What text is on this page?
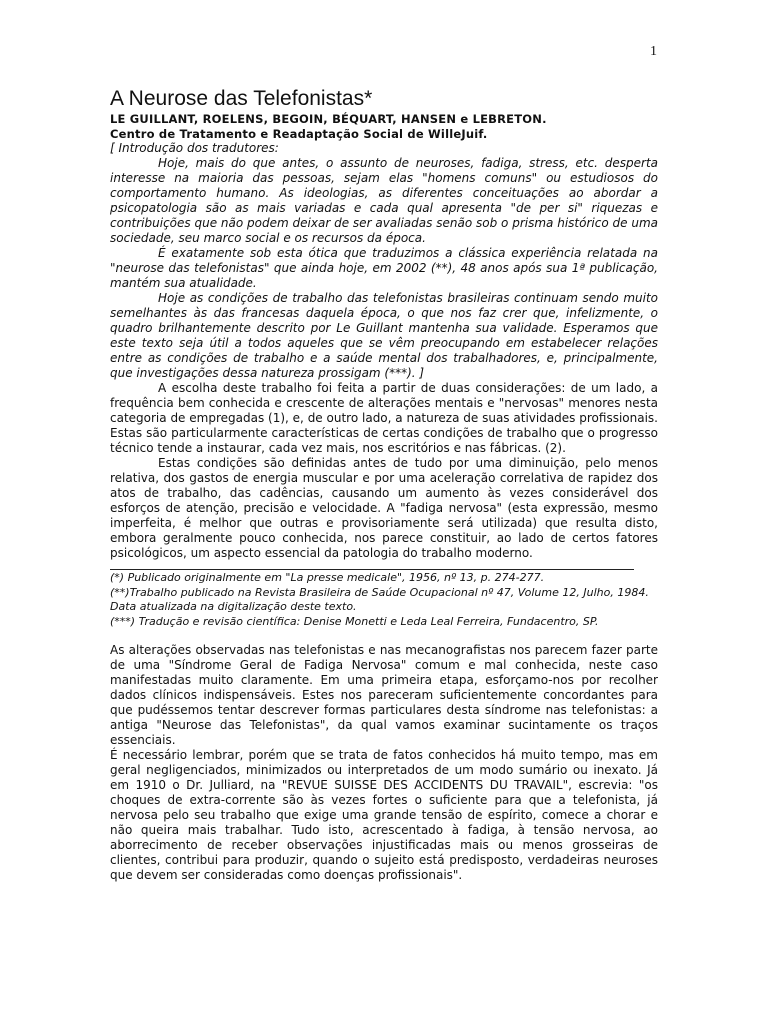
1
A Neurose das Telefonistas*

LE GUILLANT, ROELENS, BEGOIN, BÉQUART, HANSEN e LEBRETON.

Centro de Tratamento e Readaptação Social de WilleJuif.

[ Introdução dos tradutores:

Hoje, mais do que antes, o assunto de neuroses, fadiga, stress, etc. desperta interesse na maioria das pessoas, sejam elas "homens comuns" ou estudiosos do comportamento humano. As ideologias, as diferentes conceituações ao abordar a psicopatologia são as mais variadas e cada qual apresenta "de per si" riquezas e contribuições que não podem deixar de ser avaliadas senão sob o prisma histórico de uma sociedade, seu marco social e os recursos da época.

É exatamente sob esta ótica que traduzimos a clássica experiência relatada na "neurose das telefonistas" que ainda hoje, em 2002 (**), 48 anos após sua 1ª publicação, mantém sua atualidade.

Hoje as condições de trabalho das telefonistas brasileiras continuam sendo muito semelhantes às das francesas daquela época, o que nos faz crer que, infelizmente, o quadro brilhantemente descrito por Le Guillant mantenha sua validade. Esperamos que este texto seja útil a todos aqueles que se vêm preocupando em estabelecer relações entre as condições de trabalho e a saúde mental dos trabalhadores, e, principalmente, que investigações dessa natureza prossigam (***). ]

A escolha deste trabalho foi feita a partir de duas considerações: de um lado, a frequência bem conhecida e crescente de alterações mentais e "nervosas" menores nesta categoria de empregadas (1), e, de outro lado, a natureza de suas atividades profissionais. Estas são particularmente características de certas condições de trabalho que o progresso técnico tende a instaurar, cada vez mais, nos escritórios e nas fábricas. (2).

Estas condições são definidas antes de tudo por uma diminuição, pelo menos relativa, dos gastos de energia muscular e por uma aceleração correlativa de rapidez dos atos de trabalho, das cadências, causando um aumento às vezes considerável dos esforços de atenção, precisão e velocidade. A "fadiga nervosa" (esta expressão, mesmo imperfeita, é melhor que outras e provisoriamente será utilizada) que resulta disto, embora geralmente pouco conhecida, nos parece constituir, ao lado de certos fatores psicológicos, um aspecto essencial da patologia do trabalho moderno.

(*) Publicado originalmente em "La presse medicale", 1956, nº 13, p. 274-277.

(**)Trabalho publicado na Revista Brasileira de Saúde Ocupacional nº 47, Volume 12, Julho, 1984. Data atualizada na digitalização deste texto.

(***) Tradução e revisão científica: Denise Monetti e Leda Leal Ferreira, Fundacentro, SP.

As alterações observadas nas telefonistas e nas mecanografistas nos parecem fazer parte de uma "Síndrome Geral de Fadiga Nervosa" comum e mal conhecida, neste caso manifestadas muito claramente. Em uma primeira etapa, esforçamo-nos por recolher dados clínicos indispensáveis. Estes nos pareceram suficientemente concordantes para que pudéssemos tentar descrever formas particulares desta síndrome nas telefonistas: a antiga "Neurose das Telefonistas", da qual vamos examinar sucintamente os traços essenciais.

É necessário lembrar, porém que se trata de fatos conhecidos há muito tempo, mas em geral negligenciados, minimizados ou interpretados de um modo sumário ou inexato. Já em 1910 o Dr. Julliard, na "REVUE SUISSE DES ACCIDENTS DU TRAVAIL", escrevia: "os choques de extra-corrente são às vezes fortes o suficiente para que a telefonista, já nervosa pelo seu trabalho que exige uma grande tensão de espírito, comece a chorar e não queira mais trabalhar. Tudo isto, acrescentado à fadiga, à tensão nervosa, ao aborrecimento de receber observações injustificadas mais ou menos grosseiras de clientes, contribui para produzir, quando o sujeito está predisposto, verdadeiras neuroses que devem ser consideradas como doenças profissionais".
